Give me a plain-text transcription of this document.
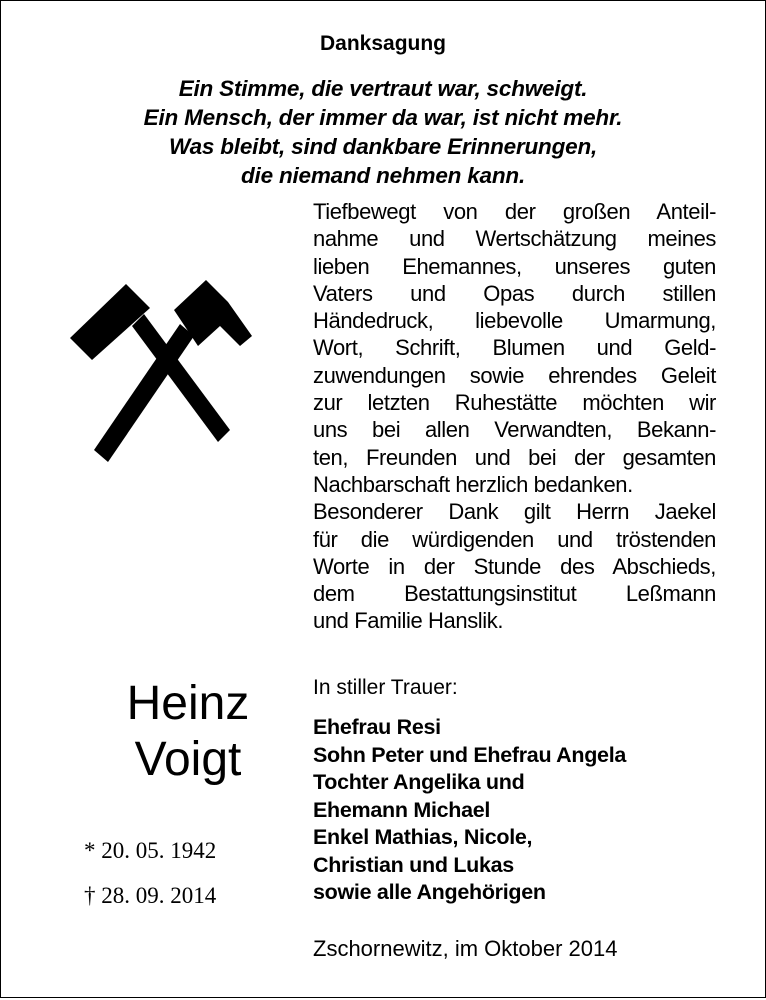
Danksagung
Ein Stimme, die vertraut war, schweigt.
Ein Mensch, der immer da war, ist nicht mehr.
Was bleibt, sind dankbare Erinnerungen,
die niemand nehmen kann.
Tiefbewegt von der großen Anteil-
nahme und Wertschätzung meines
lieben Ehemannes, unseres guten
Vaters und Opas durch stillen
Händedruck, liebevolle Umarmung,
Wort, Schrift, Blumen und Geld-
zuwendungen sowie ehrendes Geleit
zur letzten Ruhestätte möchten wir
uns bei allen Verwandten, Bekann-
ten, Freunden und bei der gesamten
Nachbarschaft herzlich bedanken.
Besonderer Dank gilt Herrn Jaekel
für die würdigenden und tröstenden
Worte in der Stunde des Abschieds,
dem Bestattungsinstitut Leßmann
und Familie Hanslik.
Heinz
Voigt
* 20. 05. 1942
† 28. 09. 2014
In stiller Trauer:
Ehefrau Resi
Sohn Peter und Ehefrau Angela
Tochter Angelika und
Ehemann Michael
Enkel Mathias, Nicole,
Christian und Lukas
sowie alle Angehörigen
Zschornewitz, im Oktober 2014
